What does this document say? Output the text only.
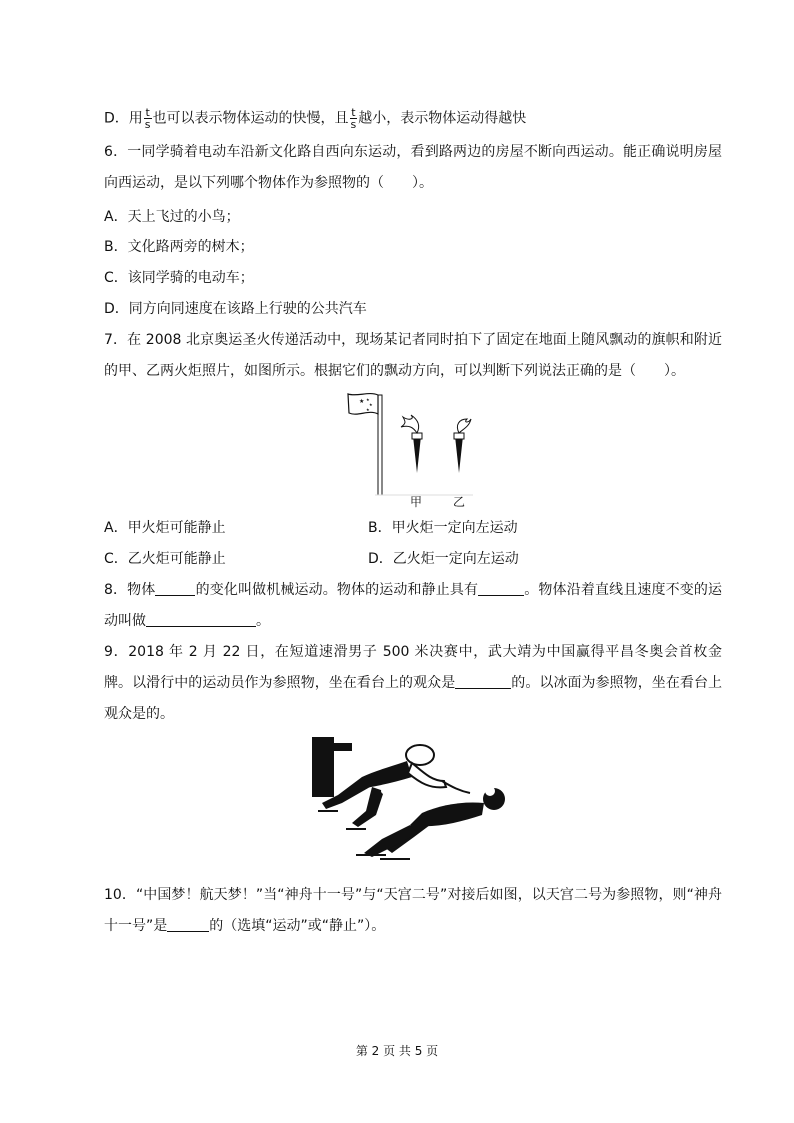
D．用 $\frac{t}{s}$ 也可以表示物体运动的快慢，且 $\frac{t}{s}$ 越小，表示物体运动得越快
6．一同学骑着电动车沿新文化路自西向东运动，看到路两边的房屋不断向西运动。能正确说明房屋向西运动，是以下列哪个物体作为参照物的（　　）。
A．天上飞过的小鸟；
B．文化路两旁的树木；
C．该同学骑的电动车；
D．同方向同速度在该路上行驶的公共汽车
7．在 2008 北京奥运圣火传递活动中，现场某记者同时拍下了固定在地面上随风飘动的旗帜和附近的甲、乙两火炬照片，如图所示。根据它们的飘动方向，可以判断下列说法正确的是（　　）。
★ ★
★
★
甲	乙
A．甲火炬可能静止	B．甲火炬一定向左运动
C．乙火炬可能静止	D．乙火炬一定向左运动
8．物体	的变化叫做机械运动。物体的运动和静止具有	。物体沿着直线且速度不变的运动叫做	。
9．2018 年 2 月 22 日，在短道速滑男子 500 米决赛中，武大靖为中国赢得平昌冬奥会首枚金牌。以滑行中的运动员作为参照物，坐在看台上的观众是	的。以冰面为参照物，坐在看台上观众是的。
10．“中国梦！航天梦！”当“神舟十一号”与“天宫二号”对接后如图，以天宫二号为参照物，则“神舟十一号”是	的（选填“运动”或“静止”）。
第 2 页 共 5 页
